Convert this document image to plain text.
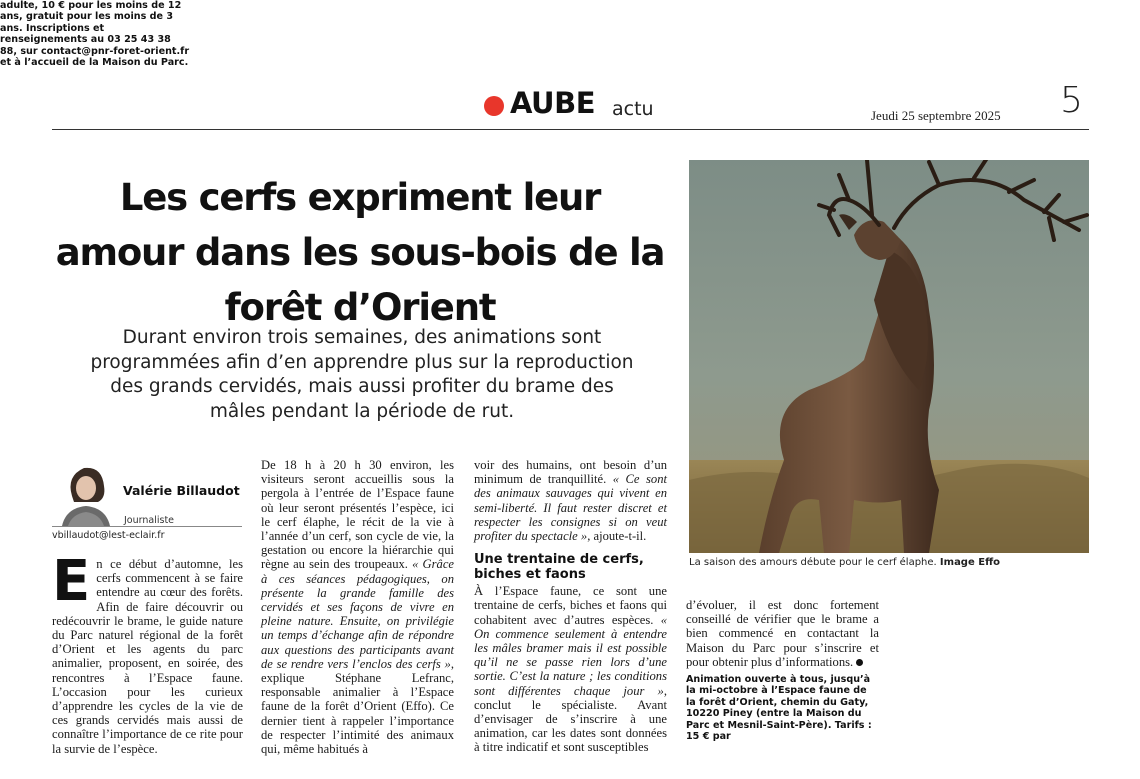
AUBE actu	Jeudi 25 septembre 2025 5
Les cerfs expriment leur amour dans les sous-bois de la forêt d’Orient

Durant environ trois semaines, des animations sont programmées afin d’en apprendre plus sur la reproduction des grands cervidés, mais aussi profiter du brame des mâles pendant la période de rut.

La saison des amours débute pour le cerf élaphe. Image Effo
Valérie Billaudot
Journaliste
vbillaudot@lest-eclair.fr
En ce début d’automne, les cerfs commencent à se faire entendre au cœur des forêts. Afin de faire découvrir ou redécouvrir le brame, le guide nature du Parc naturel régional de la forêt d’Orient et les agents du parc animalier, proposent, en soirée, des rencontres à l’Espace faune. L’occasion pour les curieux d’apprendre les cycles de la vie de ces grands cervidés mais aussi de connaître l’importance de ce rite pour la survie de l’espèce.
De 18 h à 20 h 30 environ, les visiteurs seront accueillis sous la pergola à l’entrée de l’Espace faune où leur seront présentés l’espèce, ici le cerf élaphe, le récit de la vie à l’année d’un cerf, son cycle de vie, la gestation ou encore la hiérarchie qui règne au sein des troupeaux. « Grâce à ces séances pédagogiques, on présente la grande famille des cervidés et ses façons de vivre en pleine nature. Ensuite, on privilégie un temps d’échange afin de répondre aux questions des participants avant de se rendre vers l’enclos des cerfs », explique Stéphane Lefranc, responsable animalier à l’Espace faune de la forêt d’Orient (Effo). Ce dernier tient à rappeler l’importance de respecter l’intimité des animaux qui, même habitués à
voir des humains, ont besoin d’un minimum de tranquillité. « Ce sont des animaux sauvages qui vivent en semi-liberté. Il faut rester discret et respecter les consignes si on veut profiter du spectacle », ajoute-t-il.
Une trentaine de cerfs, biches et faons
À l’Espace faune, ce sont une trentaine de cerfs, biches et faons qui cohabitent avec d’autres espèces. « On commence seulement à entendre les mâles bramer mais il est possible qu’il ne se passe rien lors d’une sortie. C’est la nature ; les conditions sont différentes chaque jour », conclut le spécialiste. Avant d’envisager de s’inscrire à une animation, car les dates sont données à titre indicatif et sont susceptibles
d’évoluer, il est donc fortement conseillé de vérifier que le brame a bien commencé en contactant la Maison du Parc pour s’inscrire et pour obtenir plus d’informations.
Animation ouverte à tous, jusqu’à la mi-octobre à l’Espace faune de la forêt d’Orient, chemin du Gaty, 10220 Piney (entre la Maison du Parc et Mesnil-Saint-Père). Tarifs : 15 € par
adulte, 10 € pour les moins de 12 ans, gratuit pour les moins de 3 ans. Inscriptions et renseignements au 03 25 43 38 88, sur contact@pnr-foret-orient.fr et à l’accueil de la Maison du Parc.
